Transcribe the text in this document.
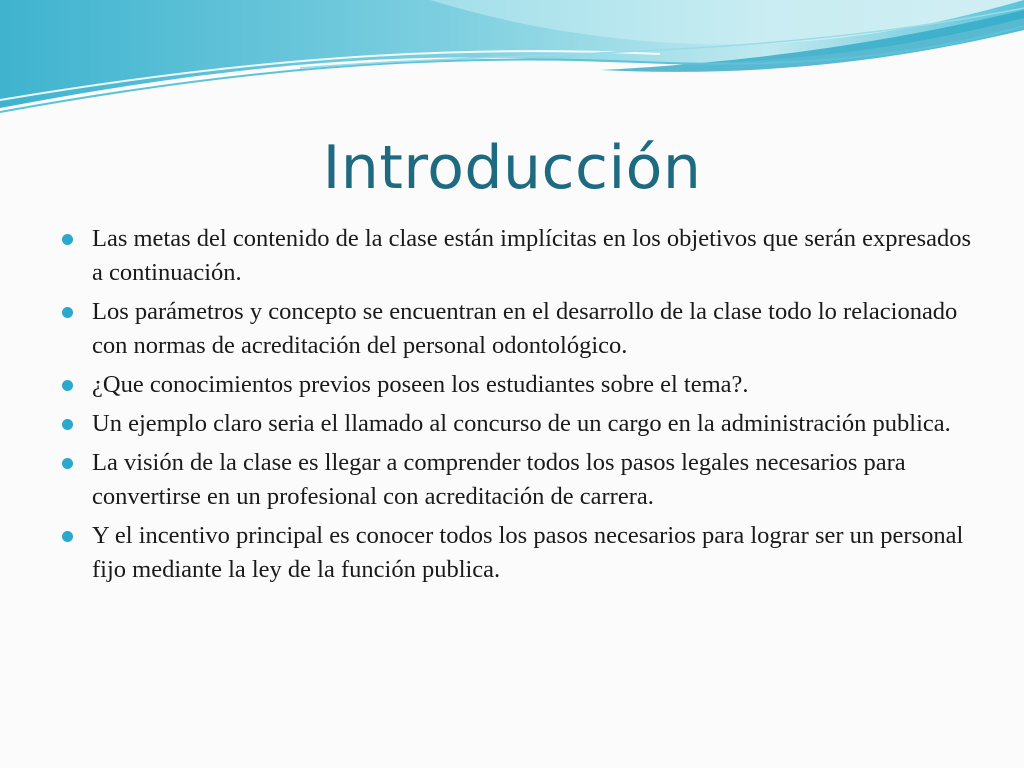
Introducción
Las metas del contenido de la clase están implícitas en los objetivos que serán expresados a continuación.
Los parámetros y concepto se encuentran en el desarrollo de la clase todo lo relacionado con normas de acreditación del personal odontológico.
¿Que conocimientos previos poseen los estudiantes sobre el tema?.
Un ejemplo claro seria el llamado al concurso de un cargo en la administración publica.
La visión de la clase es llegar a comprender todos los pasos legales necesarios para convertirse en un profesional con acreditación de carrera.
Y el incentivo principal es conocer todos los pasos necesarios para lograr ser un personal fijo mediante la ley de la función publica.
